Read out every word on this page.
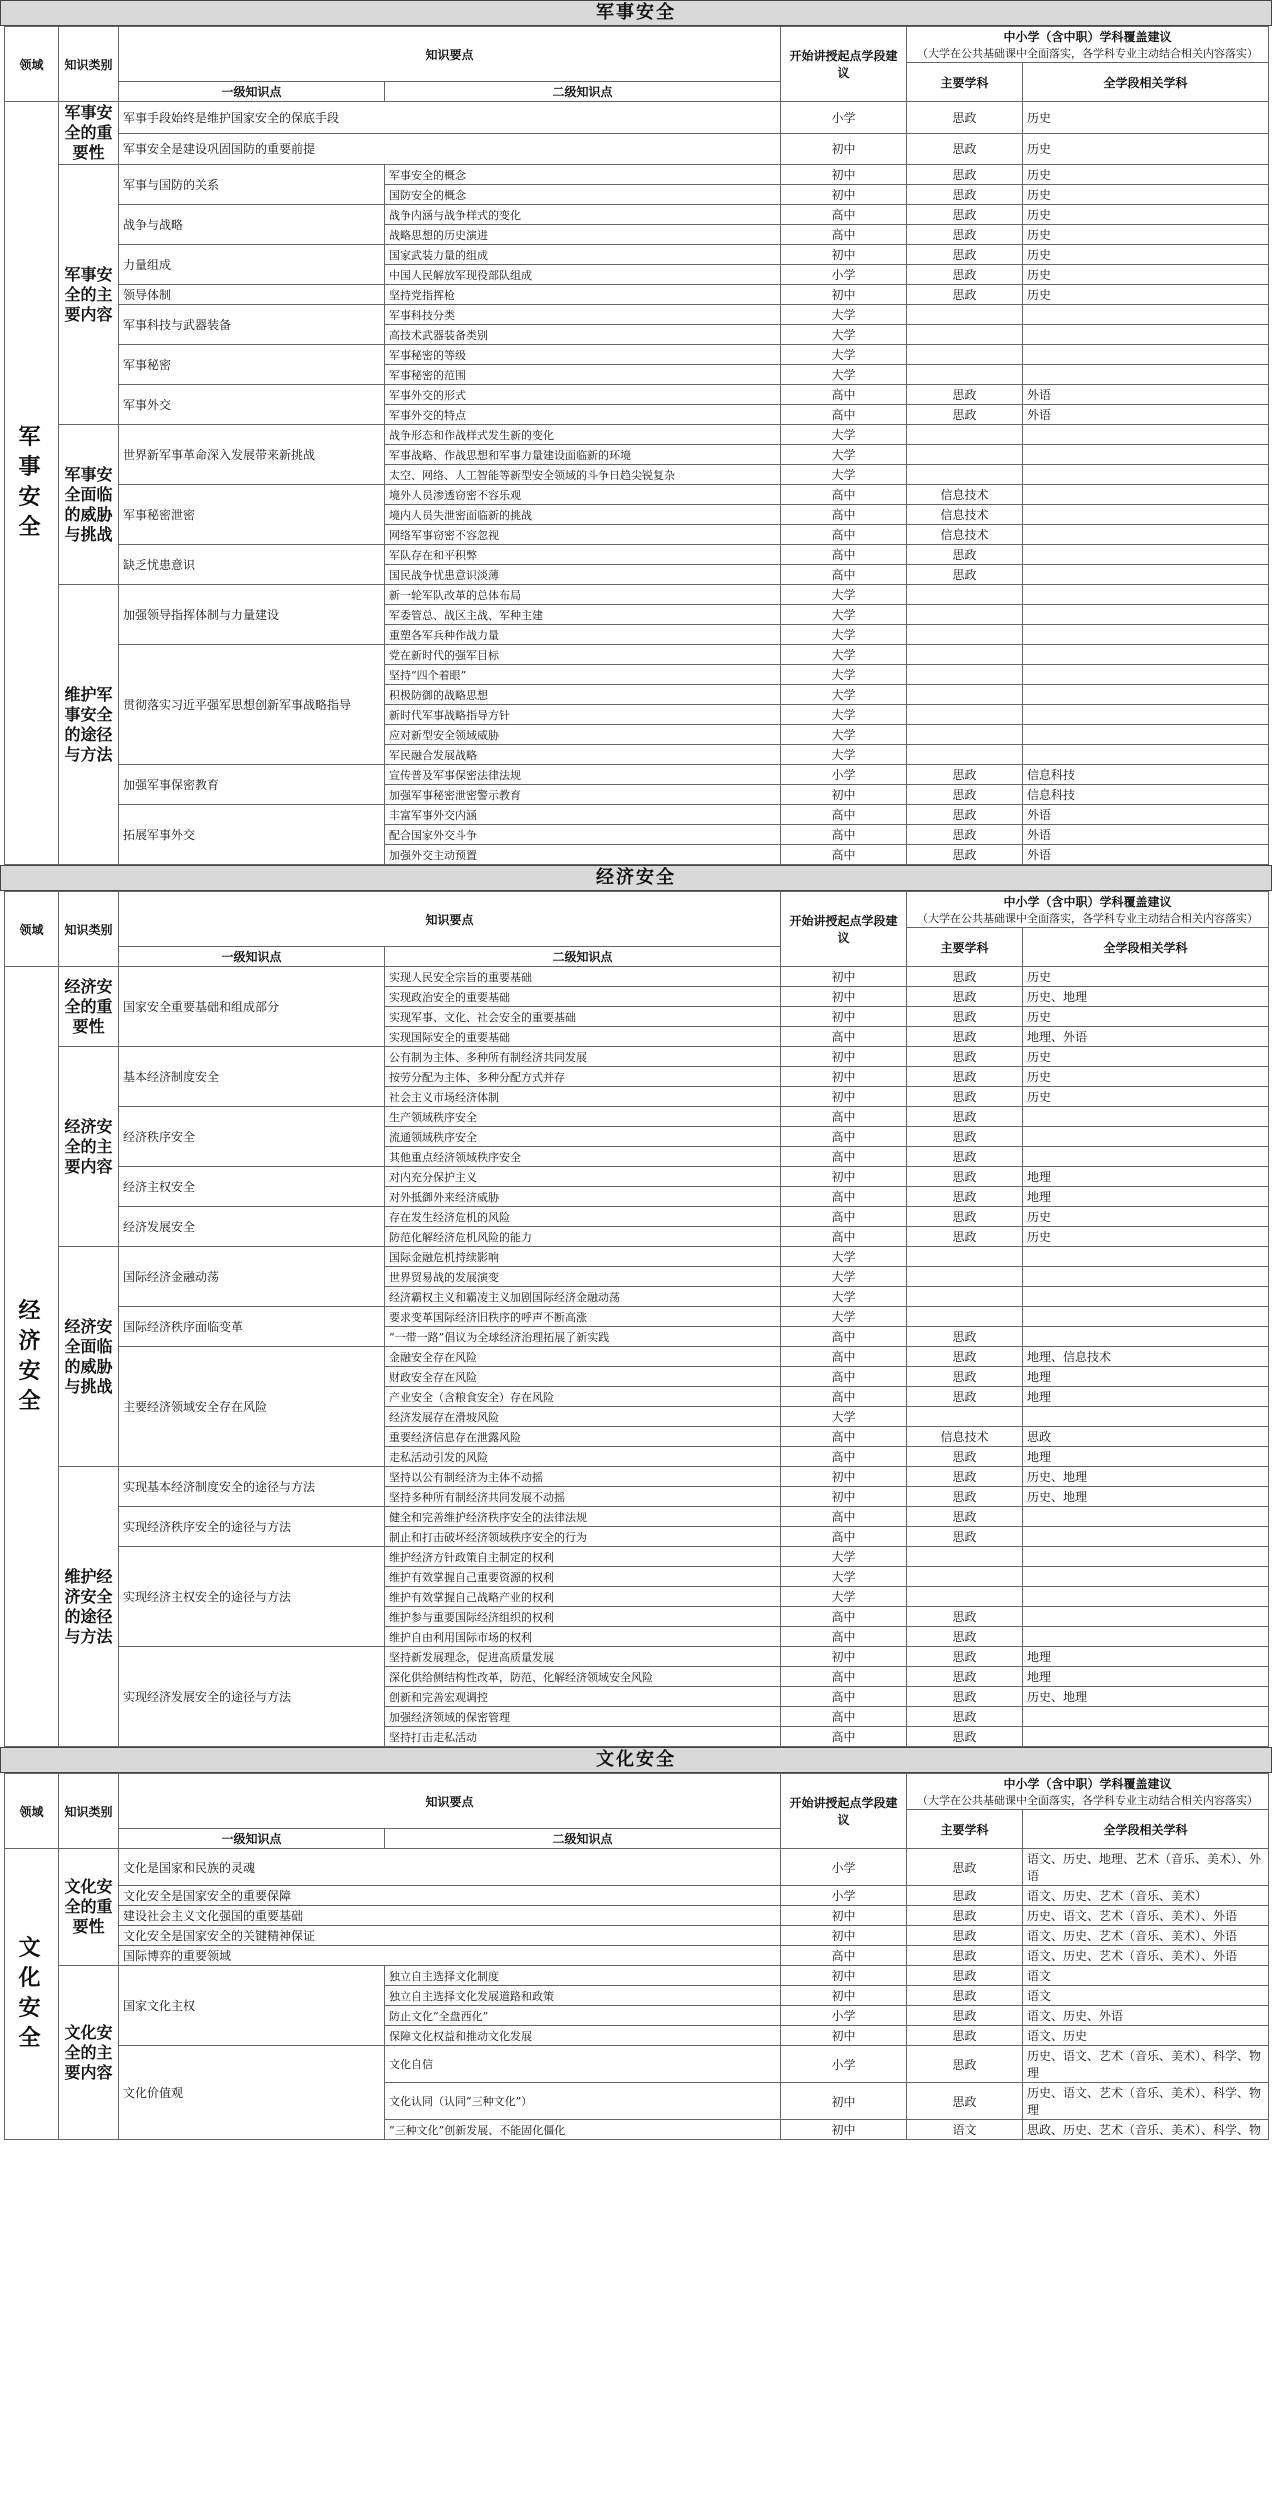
军事安全
领域	知识类别	知识要点		开始讲授起点学段建议	中小学（含中职）学科覆盖建议
（大学在公共基础课中全面落实，各学科专业主动结合相关内容落实）	

					主要学科	全学段相关学科
		一级知识点	二级知识点			
军事安全	军事安全的重要性	军事手段始终是维护国家安全的保底手段		小学	思政	历史
		军事安全是建设巩固国防的重要前提		初中	思政	历史
	军事安全的主要内容	军事与国防的关系	军事安全的概念	初中	思政	历史
			国防安全的概念	初中	思政	历史
		战争与战略	战争内涵与战争样式的变化	高中	思政	历史
			战略思想的历史演进	高中	思政	历史
		力量组成	国家武装力量的组成	初中	思政	历史
			中国人民解放军现役部队组成	小学	思政	历史
		领导体制	坚持党指挥枪	初中	思政	历史
		军事科技与武器装备	军事科技分类	大学		
			高技术武器装备类别	大学		
		军事秘密	军事秘密的等级	大学		
			军事秘密的范围	大学		
		军事外交	军事外交的形式	高中	思政	外语
			军事外交的特点	高中	思政	外语
	军事安全面临的威胁与挑战	世界新军事革命深入发展带来新挑战	战争形态和作战样式发生新的变化	大学		
			军事战略、作战思想和军事力量建设面临新的环境	大学		
			太空、网络、人工智能等新型安全领域的斗争日趋尖锐复杂	大学		
		军事秘密泄密	境外人员渗透窃密不容乐观	高中	信息技术	
			境内人员失泄密面临新的挑战	高中	信息技术	
			网络军事窃密不容忽视	高中	信息技术	
		缺乏忧患意识	军队存在和平积弊	高中	思政	
			国民战争忧患意识淡薄	高中	思政	
	维护军事安全的途径与方法	加强领导指挥体制与力量建设	新一轮军队改革的总体布局	大学		
			军委管总、战区主战、军种主建	大学		
			重塑各军兵种作战力量	大学		
		贯彻落实习近平强军思想创新军事战略指导	党在新时代的强军目标	大学		
			坚持“四个着眼”	大学		
			积极防御的战略思想	大学		
			新时代军事战略指导方针	大学		
			应对新型安全领域威胁	大学		
			军民融合发展战略	大学		
		加强军事保密教育	宣传普及军事保密法律法规	小学	思政	信息科技
			加强军事秘密泄密警示教育	初中	思政	信息科技
		拓展军事外交	丰富军事外交内涵	高中	思政	外语
			配合国家外交斗争	高中	思政	外语
			加强外交主动预置	高中	思政	外语
经济安全
领域	知识类别	知识要点		开始讲授起点学段建议	中小学（含中职）学科覆盖建议
（大学在公共基础课中全面落实，各学科专业主动结合相关内容落实）	

					主要学科	全学段相关学科
		一级知识点	二级知识点			
经济安全	经济安全的重要性	国家安全重要基础和组成部分	实现人民安全宗旨的重要基础	初中	思政	历史
			实现政治安全的重要基础	初中	思政	历史、地理
			实现军事、文化、社会安全的重要基础	初中	思政	历史
			实现国际安全的重要基础	高中	思政	地理、外语
	经济安全的主要内容	基本经济制度安全	公有制为主体、多种所有制经济共同发展	初中	思政	历史
			按劳分配为主体、多种分配方式并存	初中	思政	历史
			社会主义市场经济体制	初中	思政	历史
		经济秩序安全	生产领域秩序安全	高中	思政	
			流通领域秩序安全	高中	思政	
			其他重点经济领域秩序安全	高中	思政	
		经济主权安全	对内充分保护主义	初中	思政	地理
			对外抵御外来经济威胁	高中	思政	地理
		经济发展安全	存在发生经济危机的风险	高中	思政	历史
			防范化解经济危机风险的能力	高中	思政	历史
	经济安全面临的威胁与挑战	国际经济金融动荡	国际金融危机持续影响	大学		
			世界贸易战的发展演变	大学		
			经济霸权主义和霸凌主义加剧国际经济金融动荡	大学		
		国际经济秩序面临变革	要求变革国际经济旧秩序的呼声不断高涨	大学		
			“一带一路”倡议为全球经济治理拓展了新实践	高中	思政	
		主要经济领域安全存在风险	金融安全存在风险	高中	思政	地理、信息技术
			财政安全存在风险	高中	思政	地理
			产业安全（含粮食安全）存在风险	高中	思政	地理
			经济发展存在滑坡风险	大学		
			重要经济信息存在泄露风险	高中	信息技术	思政
			走私活动引发的风险	高中	思政	地理
	维护经济安全的途径与方法	实现基本经济制度安全的途径与方法	坚持以公有制经济为主体不动摇	初中	思政	历史、地理
			坚持多种所有制经济共同发展不动摇	初中	思政	历史、地理
		实现经济秩序安全的途径与方法	健全和完善维护经济秩序安全的法律法规	高中	思政	
			制止和打击破坏经济领域秩序安全的行为	高中	思政	
		实现经济主权安全的途径与方法	维护经济方针政策自主制定的权利	大学		
			维护有效掌握自己重要资源的权利	大学		
			维护有效掌握自己战略产业的权利	大学		
			维护参与重要国际经济组织的权利	高中	思政	
			维护自由利用国际市场的权利	高中	思政	
		实现经济发展安全的途径与方法	坚持新发展理念，促进高质量发展	初中	思政	地理
			深化供给侧结构性改革，防范、化解经济领域安全风险	高中	思政	地理
			创新和完善宏观调控	高中	思政	历史、地理
			加强经济领域的保密管理	高中	思政	
			坚持打击走私活动	高中	思政	
文化安全
领域	知识类别	知识要点		开始讲授起点学段建议	中小学（含中职）学科覆盖建议
（大学在公共基础课中全面落实，各学科专业主动结合相关内容落实）	

					主要学科	全学段相关学科
		一级知识点	二级知识点			
文化安全	文化安全的重要性	文化是国家和民族的灵魂		小学	思政	语文、历史、地理、艺术（音乐、美术）、外语
		文化安全是国家安全的重要保障		小学	思政	语文、历史、艺术（音乐、美术）
		建设社会主义文化强国的重要基础		初中	思政	历史、语文、艺术（音乐、美术）、外语
		文化安全是国家安全的关键精神保证		初中	思政	语文、历史、艺术（音乐、美术）、外语
		国际博弈的重要领域		高中	思政	语文、历史、艺术（音乐、美术）、外语
	文化安全的主要内容	国家文化主权	独立自主选择文化制度	初中	思政	语文
			独立自主选择文化发展道路和政策	初中	思政	语文
			防止文化“全盘西化”	小学	思政	语文、历史、外语
			保障文化权益和推动文化发展	初中	思政	语文、历史
		文化价值观	文化自信	小学	思政	历史、语文、艺术（音乐、美术）、科学、物理
			文化认同（认同“三种文化”）	初中	思政	历史、语文、艺术（音乐、美术）、科学、物理
			“三种文化”创新发展、不能固化僵化	初中	语文	思政、历史、艺术（音乐、美术）、科学、物
